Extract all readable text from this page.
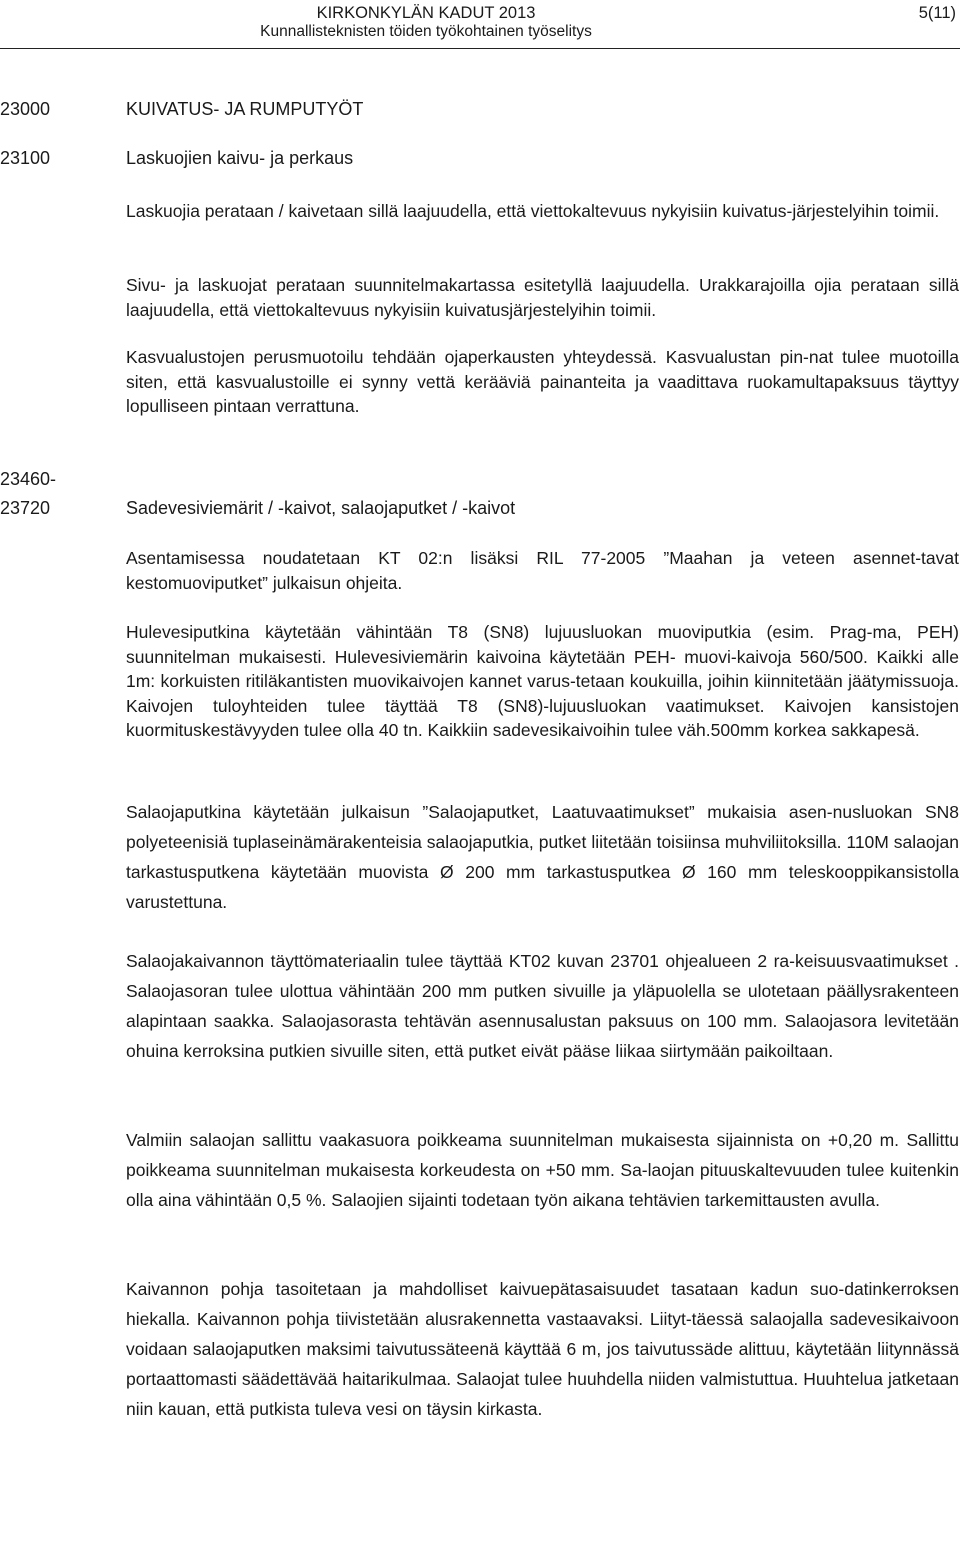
KIRKONKYLÄN KADUT 2013
Kunnallisteknisten töiden työkohtainen työselitys
5(11)
23000	KUIVATUS- JA RUMPUTYÖT
23100	Laskuojien kaivu- ja perkaus

Laskuojia perataan / kaivetaan sillä laajuudella, että viettokaltevuus nykyisiin kuivatus-järjestelyihin toimii.

Sivu- ja laskuojat perataan suunnitelmakartassa esitetyllä laajuudella. Urakkarajoilla ojia perataan sillä laajuudella, että viettokaltevuus nykyisiin kuivatusjärjestelyihin toimii.

Kasvualustojen perusmuotoilu tehdään ojaperkausten yhteydessä. Kasvualustan pin-nat tulee muotoilla siten, että kasvualustoille ei synny vettä kerääviä painanteita ja vaadittava ruokamultapaksuus täyttyy lopulliseen pintaan verrattuna.

23460-
23720	Sadevesiviemärit / -kaivot, salaojaputket / -kaivot

Asentamisessa noudatetaan KT 02:n lisäksi RIL 77-2005 ”Maahan ja veteen asennet-tavat kestomuoviputket” julkaisun ohjeita.

Hulevesiputkina käytetään vähintään T8 (SN8) lujuusluokan muoviputkia (esim. Prag-ma, PEH) suunnitelman mukaisesti. Hulevesiviemärin kaivoina käytetään PEH- muovi-kaivoja 560/500. Kaikki alle 1m: korkuisten ritiläkantisten muovikaivojen kannet varus-tetaan koukuilla, joihin kiinnitetään jäätymissuoja. Kaivojen tuloyhteiden tulee täyttää T8 (SN8)-lujuusluokan vaatimukset. Kaivojen kansistojen kuormituskestävyyden tulee olla 40 tn. Kaikkiin sadevesikaivoihin tulee väh.500mm korkea sakkapesä.

Salaojaputkina käytetään julkaisun ”Salaojaputket, Laatuvaatimukset” mukaisia asen-nusluokan SN8 polyeteenisiä tuplaseinämärakenteisia salaojaputkia, putket liitetään toisiinsa muhviliitoksilla. 110M salaojan tarkastusputkena käytetään muovista Ø 200 mm tarkastusputkea Ø 160 mm teleskooppikansistolla varustettuna.

Salaojakaivannon täyttömateriaalin tulee täyttää KT02 kuvan 23701 ohjealueen 2 ra-keisuusvaatimukset . Salaojasoran tulee ulottua vähintään 200 mm putken sivuille ja yläpuolella se ulotetaan päällysrakenteen alapintaan saakka. Salaojasorasta tehtävän asennusalustan paksuus on 100 mm. Salaojasora levitetään ohuina kerroksina putkien sivuille siten, että putket eivät pääse liikaa siirtymään paikoiltaan.

Valmiin salaojan sallittu vaakasuora poikkeama suunnitelman mukaisesta sijainnista on +0,20 m. Sallittu poikkeama suunnitelman mukaisesta korkeudesta on +50 mm. Sa-laojan pituuskaltevuuden tulee kuitenkin olla aina vähintään 0,5 %. Salaojien sijainti todetaan työn aikana tehtävien tarkemittausten avulla.

Kaivannon pohja tasoitetaan ja mahdolliset kaivuepätasaisuudet tasataan kadun suo-datinkerroksen hiekalla. Kaivannon pohja tiivistetään alusrakennetta vastaavaksi. Liityt-täessä salaojalla sadevesikaivoon voidaan salaojaputken maksimi taivutussäteenä käyttää 6 m, jos taivutussäde alittuu, käytetään liitynnässä portaattomasti säädettävää haitarikulmaa. Salaojat tulee huuhdella niiden valmistuttua. Huuhtelua jatketaan niin kauan, että putkista tuleva vesi on täysin kirkasta.
